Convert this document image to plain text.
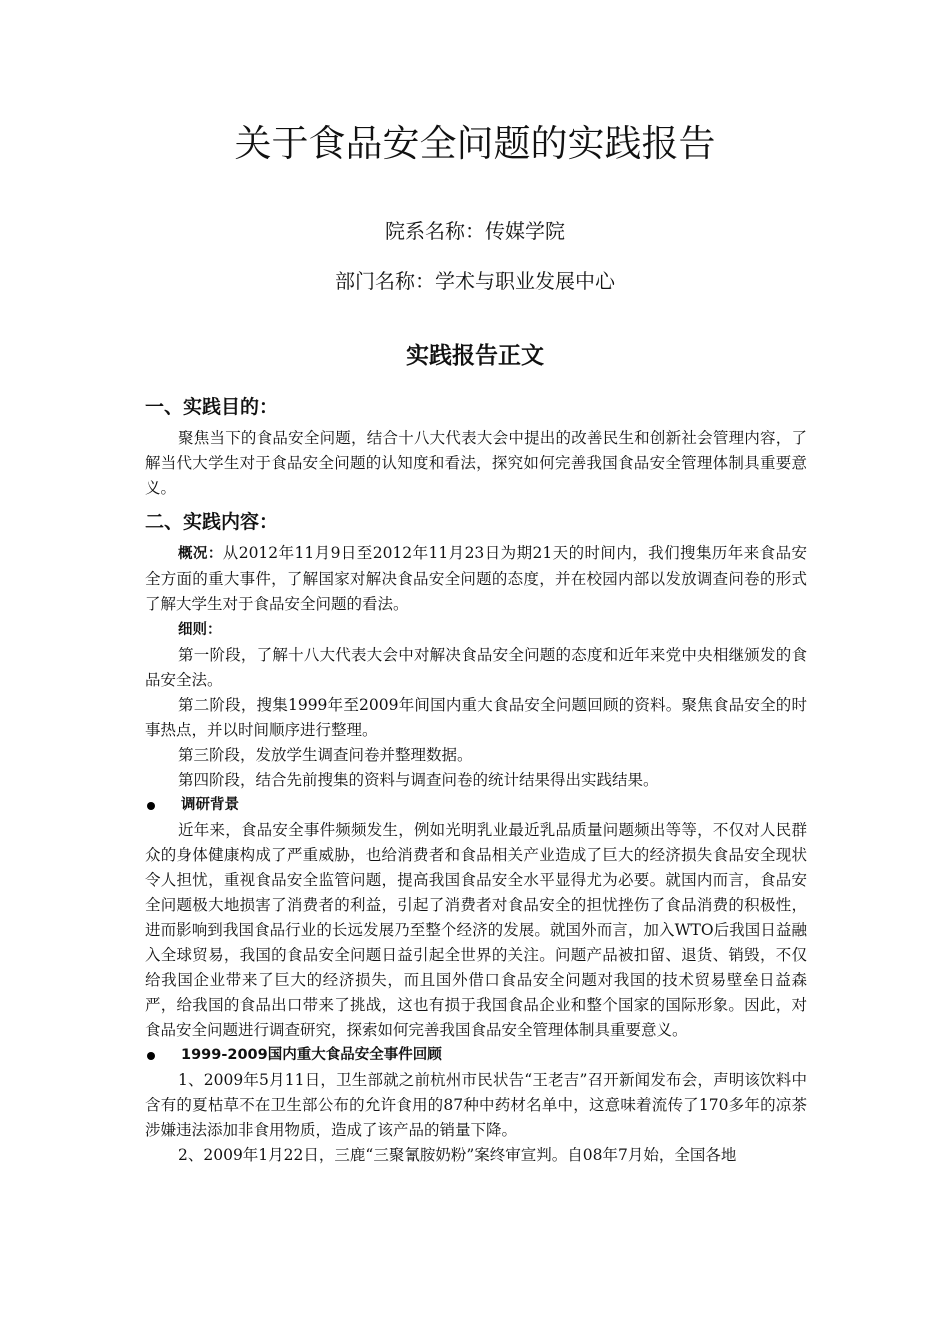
关于食品安全问题的实践报告
院系名称：传媒学院
部门名称：学术与职业发展中心
实践报告正文
一、实践目的：

聚焦当下的食品安全问题，结合十八大代表大会中提出的改善民生和创新社会管理内容，了解当代大学生对于食品安全问题的认知度和看法，探究如何完善我国食品安全管理体制具重要意义。

二、实践内容：

概况：从2012年11月9日至2012年11月23日为期21天的时间内，我们搜集历年来食品安全方面的重大事件，了解国家对解决食品安全问题的态度，并在校园内部以发放调查问卷的形式了解大学生对于食品安全问题的看法。

细则：

第一阶段，了解十八大代表大会中对解决食品安全问题的态度和近年来党中央相继颁发的食品安全法。

第二阶段，搜集1999年至2009年间国内重大食品安全问题回顾的资料。聚焦食品安全的时事热点，并以时间顺序进行整理。

第三阶段，发放学生调查问卷并整理数据。

第四阶段，结合先前搜集的资料与调查问卷的统计结果得出实践结果。

调研背景

近年来，食品安全事件频频发生，例如光明乳业最近乳品质量问题频出等等，不仅对人民群众的身体健康构成了严重威胁，也给消费者和食品相关产业造成了巨大的经济损失食品安全现状令人担忧，重视食品安全监管问题，提高我国食品安全水平显得尤为必要。就国内而言，食品安全问题极大地损害了消费者的利益，引起了消费者对食品安全的担忧挫伤了食品消费的积极性，进而影响到我国食品行业的长远发展乃至整个经济的发展。就国外而言，加入WTO后我国日益融入全球贸易，我国的食品安全问题日益引起全世界的关注。问题产品被扣留、退货、销毁，不仅给我国企业带来了巨大的经济损失，而且国外借口食品安全问题对我国的技术贸易壁垒日益森严，给我国的食品出口带来了挑战，这也有损于我国食品企业和整个国家的国际形象。因此，对食品安全问题进行调查研究，探索如何完善我国食品安全管理体制具重要意义。

1999-2009国内重大食品安全事件回顾

1、2009年5月11日，卫生部就之前杭州市民状告“王老吉”召开新闻发布会，声明该饮料中含有的夏枯草不在卫生部公布的允许食用的87种中药材名单中，这意味着流传了170多年的凉茶涉嫌违法添加非食用物质，造成了该产品的销量下降。

2、2009年1月22日，三鹿“三聚氰胺奶粉”案终审宣判。自08年7月始，全国各地
